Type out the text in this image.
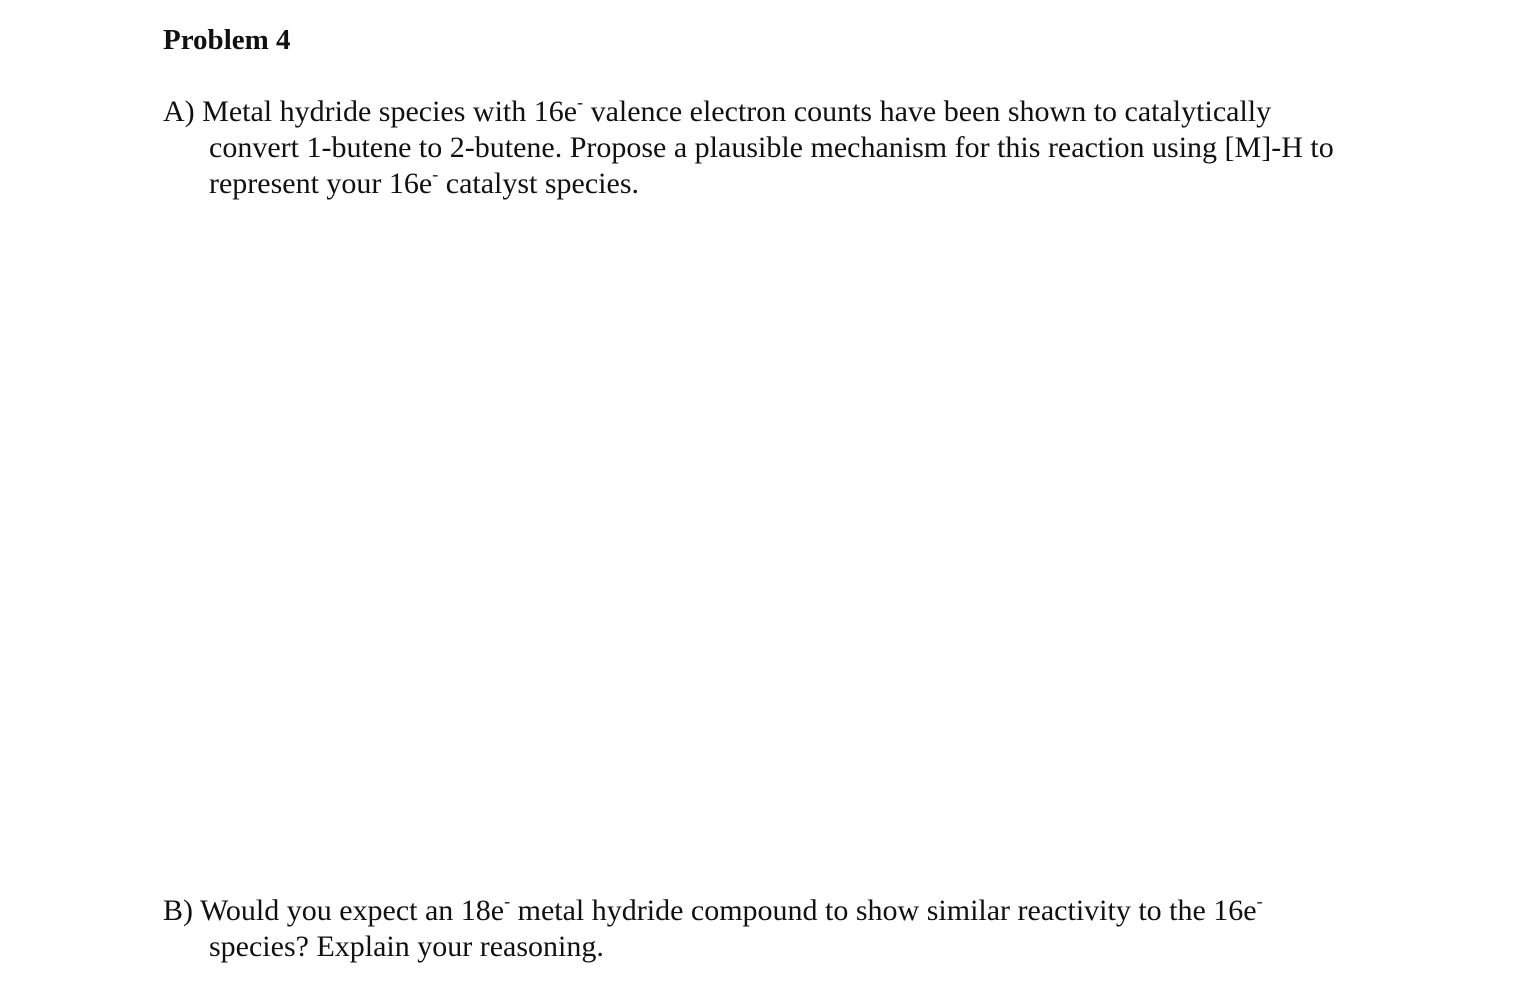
Problem 4
A) Metal hydride species with 16e- valence electron counts have been shown to catalytically
convert 1-butene to 2-butene. Propose a plausible mechanism for this reaction using [M]-H to
represent your 16e- catalyst species.
B) Would you expect an 18e- metal hydride compound to show similar reactivity to the 16e-
species? Explain your reasoning.
